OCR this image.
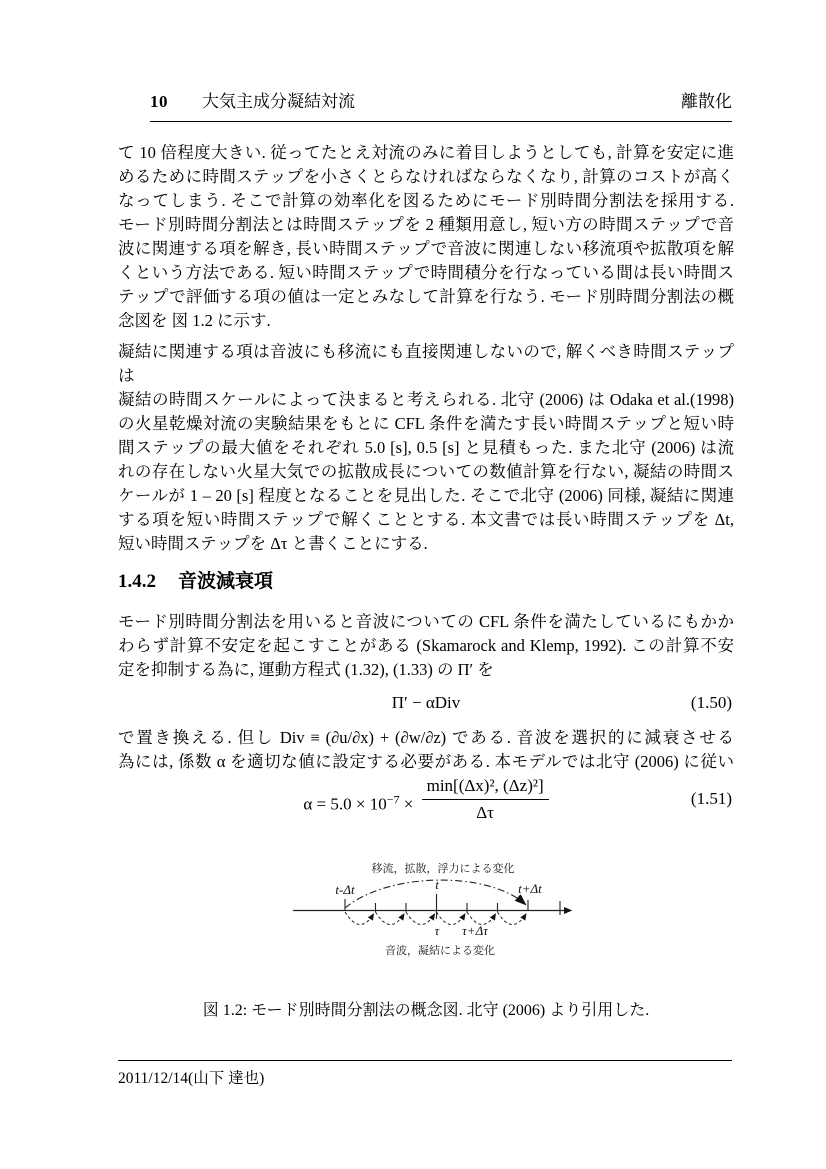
10 大気主成分凝結対流	離散化
て 10 倍程度大きい. 従ってたとえ対流のみに着目しようとしても, 計算を安定に進
めるために時間ステップを小さくとらなければならなくなり, 計算のコストが高く
なってしまう. そこで計算の効率化を図るためにモード別時間分割法を採用する.
モード別時間分割法とは時間ステップを 2 種類用意し, 短い方の時間ステップで音
波に関連する項を解き, 長い時間ステップで音波に関連しない移流項や拡散項を解
くという方法である. 短い時間ステップで時間積分を行なっている間は長い時間ス
テップで評価する項の値は一定とみなして計算を行なう. モード別時間分割法の概
念図を 図 1.2 に示す.
凝結に関連する項は音波にも移流にも直接関連しないので, 解くべき時間ステップは
凝結の時間スケールによって決まると考えられる. 北守 (2006) は Odaka et al.(1998)
の火星乾燥対流の実験結果をもとに CFL 条件を満たす長い時間ステップと短い時
間ステップの最大値をそれぞれ 5.0 [s], 0.5 [s] と見積もった. また北守 (2006) は流
れの存在しない火星大気での拡散成長についての数値計算を行ない, 凝結の時間ス
ケールが 1 – 20 [s] 程度となることを見出した. そこで北守 (2006) 同様, 凝結に関連
する項を短い時間ステップで解くこととする. 本文書では長い時間ステップを Δt,
短い時間ステップを Δτ と書くことにする.
1.4.2 音波減衰項
モード別時間分割法を用いると音波についての CFL 条件を満たしているにもかか
わらず計算不安定を起こすことがある (Skamarock and Klemp, 1992). この計算不安
定を抑制する為に, 運動方程式 (1.32), (1.33) の Π′ を
Π′ − αDiv	(1.50)
で置き換える. 但し Div ≡ (∂u/∂x) + (∂w/∂z) である. 音波を選択的に減衰させる
為には, 係数 α を適切な値に設定する必要がある. 本モデルでは北守 (2006) に従い
$\alpha = 5.0 \times 10^{-7} \times \frac{\text{min[(Δx)², (Δz)²]}}{\Delta\tau}$	(1.51)
移流，拡散，浮力による変化
t-Δt	t	t+Δt
τ τ+Δτ
音波，凝結による変化
図 1.2: モード別時間分割法の概念図. 北守 (2006) より引用した.
2011/12/14(山下 達也)
